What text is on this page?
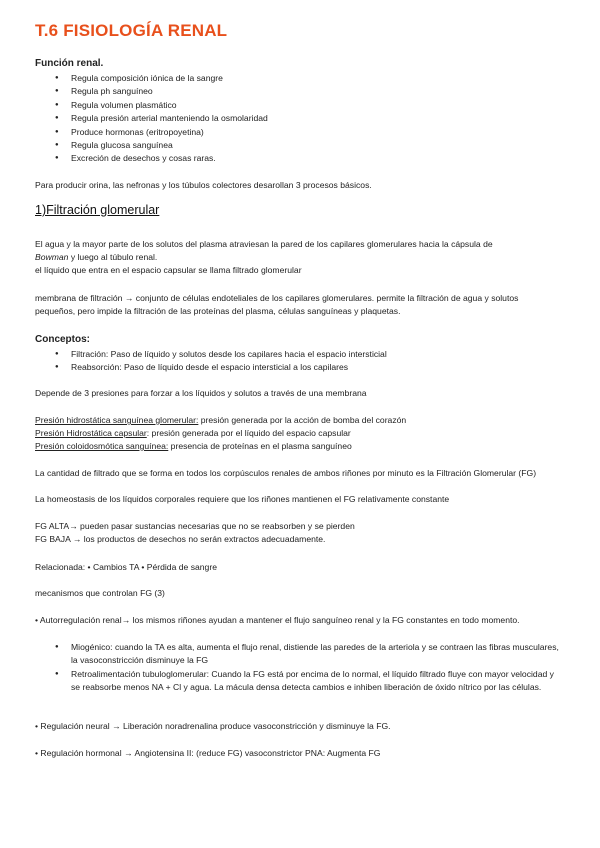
T.6 FISIOLOGÍA RENAL
Función renal.
● Regula composición iónica de la sangre
● Regula ph sanguíneo
● Regula volumen plasmático
● Regula presión arterial manteniendo la osmolaridad
● Produce hormonas (eritropoyetina)
● Regula glucosa sanguínea
● Excreción de desechos y cosas raras.
Para producir orina, las nefronas y los túbulos colectores desarollan 3 procesos básicos.
1)Filtración glomerular
El agua y la mayor parte de los solutos del plasma atraviesan la pared de los capilares glomerulares hacia la cápsula de
Bowman y luego al túbulo renal.
el líquido que entra en el espacio capsular se llama filtrado glomerular
membrana de filtración → conjunto de células endoteliales de los capilares glomerulares. permite la filtración de agua y solutos pequeños, pero impide la filtración de las proteínas del plasma, células sanguíneas y plaquetas.
Conceptos:
● Filtración: Paso de líquido y solutos desde los capilares hacia el espacio intersticial
● Reabsorción: Paso de líquido desde el espacio intersticial a los capilares
Depende de 3 presiones para forzar a los líquidos y solutos a través de una membrana
Presión hidrostática sanguínea glomerular: presión generada por la acción de bomba del corazón
Presión Hidrostática capsular: presión generada por el líquido del espacio capsular
Presión coloidosmótica sanguínea: presencia de proteínas en el plasma sanguíneo
La cantidad de filtrado que se forma en todos los corpúsculos renales de ambos riñones por minuto es la Filtración Glomerular (FG)
La homeostasis de los líquidos corporales requiere que los riñones mantienen el FG relativamente constante
FG ALTA→ pueden pasar sustancias necesarias que no se reabsorben y se pierden
FG BAJA → los productos de desechos no serán extractos adecuadamente.
Relacionada: • Cambios TA • Pérdida de sangre
mecanismos que controlan FG (3)
• Autorregulación renal→ los mismos riñones ayudan a mantener el flujo sanguíneo renal y la FG constantes en todo momento.
● Miogénico: cuando la TA es alta, aumenta el flujo renal, distiende las paredes de la arteriola y se contraen las fibras musculares, la vasoconstricción disminuye la FG
● Retroalimentación tubuloglomerular: Cuando la FG está por encima de lo normal, el líquido filtrado fluye con mayor velocidad y se reabsorbe menos NA + Cl y agua. La mácula densa detecta cambios e inhiben liberación de óxido nítrico por las células.
• Regulación neural → Liberación noradrenalina produce vasoconstricción y disminuye la FG.
• Regulación hormonal → Angiotensina II: (reduce FG) vasoconstrictor PNA: Augmenta FG
